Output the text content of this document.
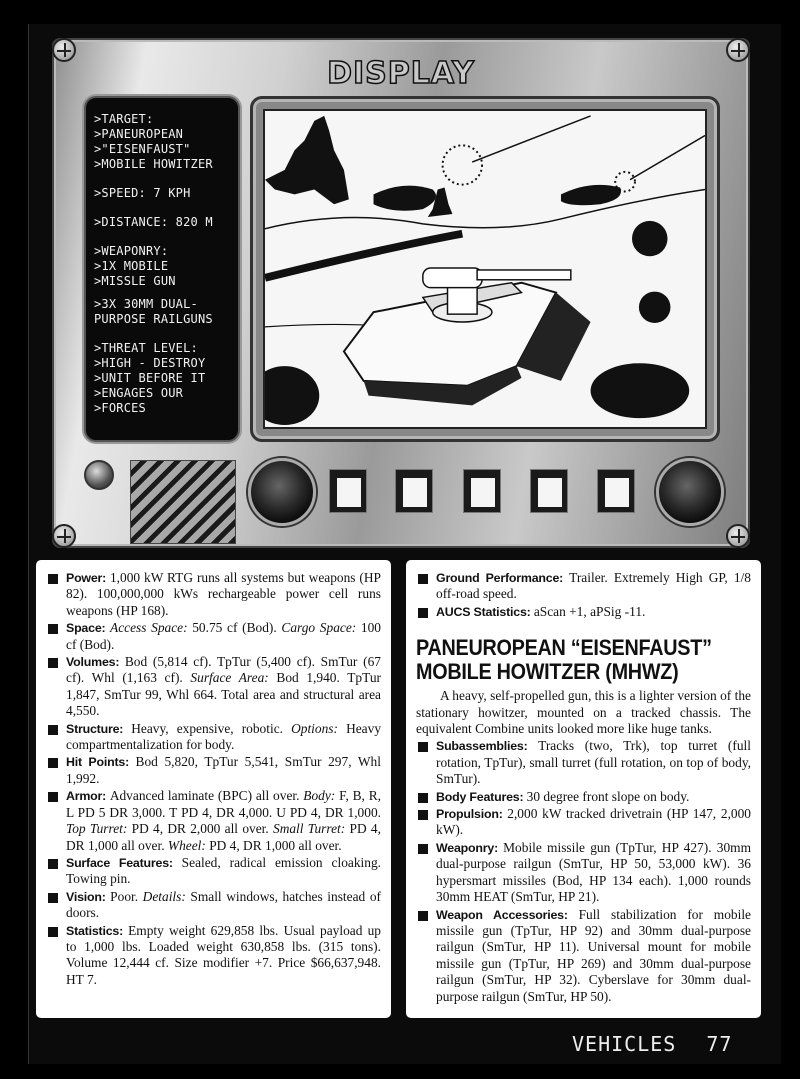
DISPLAY
>TARGET:
>PANEUROPEAN
>"EISENFAUST"
>MOBILE HOWITZER
>SPEED: 7 KPH
>DISTANCE: 820 M
>WEAPONRY:
>1X MOBILE
>MISSLE GUN
>3X 30MM DUAL-
PURPOSE RAILGUNS
>THREAT LEVEL:
>HIGH - DESTROY
>UNIT BEFORE IT
>ENGAGES OUR
>FORCES
Power: 1,000 kW RTG runs all systems but weapons (HP 82). 100,000,000 kWs rechargeable power cell runs weapons (HP 168).
Space: Access Space: 50.75 cf (Bod). Cargo Space: 100 cf (Bod).
Volumes: Bod (5,814 cf). TpTur (5,400 cf). SmTur (67 cf). Whl (1,163 cf). Surface Area: Bod 1,940. TpTur 1,847, SmTur 99, Whl 664. Total area and structural area 4,550.
Structure: Heavy, expensive, robotic. Options: Heavy compartmentalization for body.
Hit Points: Bod 5,820, TpTur 5,541, SmTur 297, Whl 1,992.
Armor: Advanced laminate (BPC) all over. Body: F, B, R, L PD 5 DR 3,000. T PD 4, DR 4,000. U PD 4, DR 1,000. Top Turret: PD 4, DR 2,000 all over. Small Turret: PD 4, DR 1,000 all over. Wheel: PD 4, DR 1,000 all over.
Surface Features: Sealed, radical emission cloaking. Towing pin.
Vision: Poor. Details: Small windows, hatches instead of doors.
Statistics: Empty weight 629,858 lbs. Usual payload up to 1,000 lbs. Loaded weight 630,858 lbs. (315 tons). Volume 12,444 cf. Size modifier +7. Price $66,637,948. HT 7.
Ground Performance: Trailer. Extremely High GP, 1/8 off-road speed.
AUCS Statistics: aScan +1, aPSig -11.
PANEUROPEAN “EISENFAUST”
MOBILE HOWITZER (MHWZ)
A heavy, self-propelled gun, this is a lighter version of the stationary howitzer, mounted on a tracked chassis. The equivalent Combine units looked more like huge tanks.
Subassemblies: Tracks (two, Trk), top turret (full rotation, TpTur), small turret (full rotation, on top of body, SmTur).
Body Features: 30 degree front slope on body.
Propulsion: 2,000 kW tracked drivetrain (HP 147, 2,000 kW).
Weaponry: Mobile missile gun (TpTur, HP 427). 30mm dual-purpose railgun (SmTur, HP 50, 53,000 kW). 36 hypersmart missiles (Bod, HP 134 each). 1,000 rounds 30mm HEAT (SmTur, HP 21).
Weapon Accessories: Full stabilization for mobile missile gun (TpTur, HP 92) and 30mm dual-purpose railgun (SmTur, HP 11). Universal mount for mobile missile gun (TpTur, HP 269) and 30mm dual-purpose railgun (SmTur, HP 32). Cyberslave for 30mm dual-purpose railgun (SmTur, HP 50).
VEHICLES 77
